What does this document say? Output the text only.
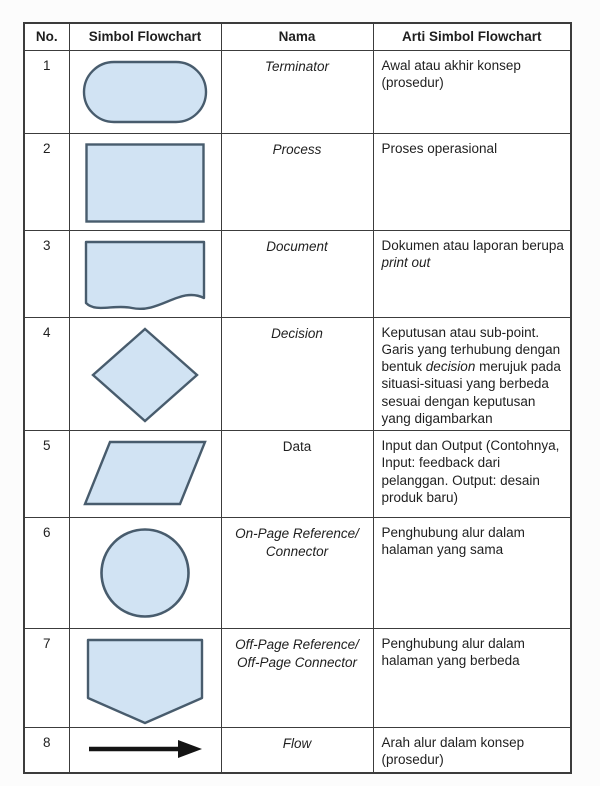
No.	Simbol Flowchart	Nama	Arti Simbol Flowchart
1		Terminator	Awal atau akhir konsep (prosedur)
2		Process	Proses operasional
3		Document	Dokumen atau laporan berupa print out
4		Decision	Keputusan atau sub-point. Garis yang terhubung dengan bentuk decision merujuk pada situasi-situasi yang berbeda sesuai dengan keputusan yang digambarkan
5		Data	Input dan Output (Contohnya, Input: feedback dari pelanggan. Output: desain produk baru)
6		On-Page Reference/ Connector	Penghubung alur dalam halaman yang sama
7		Off-Page Reference/ Off-Page Connector	Penghubung alur dalam halaman yang berbeda
8		Flow	Arah alur dalam konsep (prosedur)
